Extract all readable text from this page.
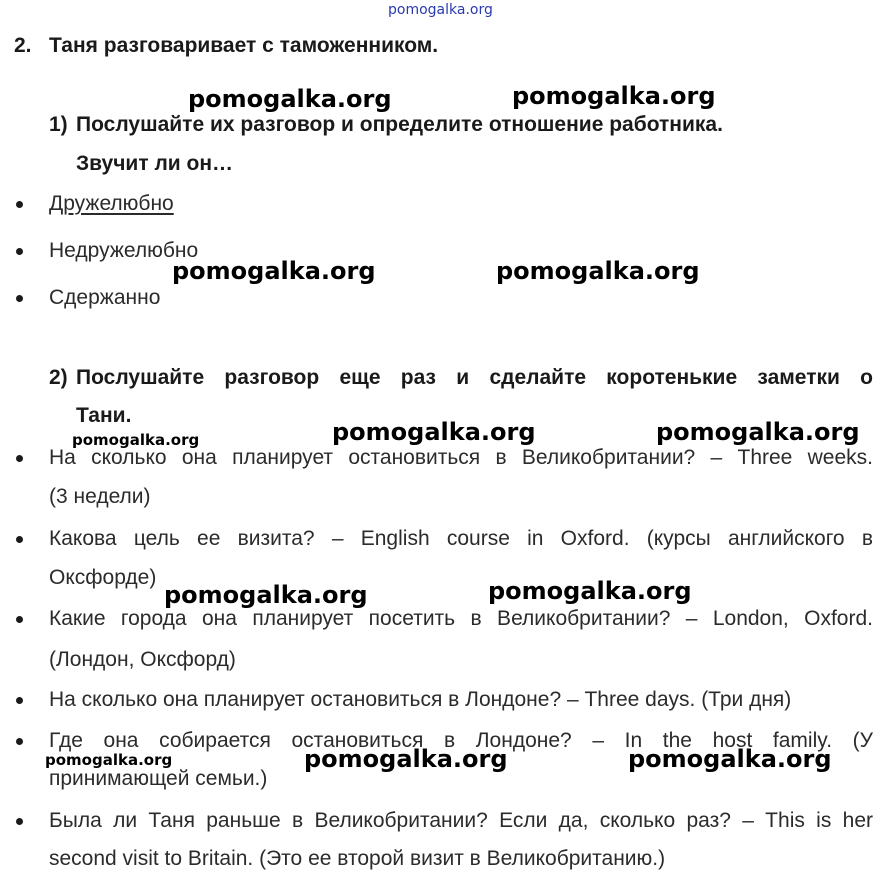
pomogalka.org
2. Таня разговаривает с таможенником.
1) Послушайте их разговор и определите отношение работника.
Звучит ли он…
Дружелюбно
Недружелюбно
Сдержанно
2) Послушайте разговор еще раз и сделайте коротенькие заметки о
Тани.
На сколько она планирует остановиться в Великобритании? – Three weeks.
(3 недели)
Какова цель ее визита? – English course in Oxford. (курсы английского в
Оксфорде)
Какие города она планирует посетить в Великобритании? – London, Oxford.
(Лондон, Оксфорд)
На сколько она планирует остановиться в Лондоне? – Three days. (Три дня)
Где она собирается остановиться в Лондоне? – In the host family. (У
принимающей семьи.)
Была ли Таня раньше в Великобритании? Если да, сколько раз? – This is her
second visit to Britain. (Это ее второй визит в Великобританию.)
pomogalka.org	pomogalka.org
pomogalka.org	pomogalka.org
pomogalka.org	pomogalka.org	pomogalka.org
pomogalka.org	pomogalka.org
pomogalka.org	pomogalka.org	pomogalka.org
